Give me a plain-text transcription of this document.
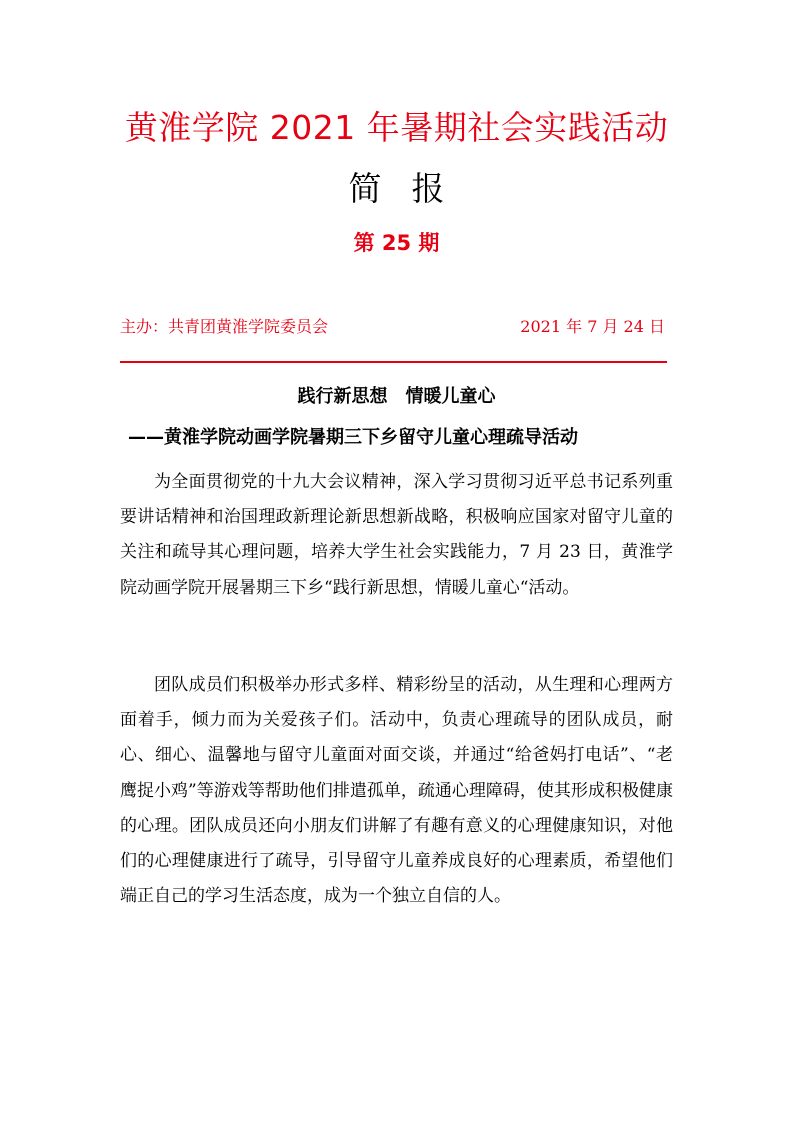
黄淮学院 2021 年暑期社会实践活动
简报
第 25 期
主办：共青团黄淮学院委员会	2021 年 7 月 24 日
践行新思想　情暖儿童心
——黄淮学院动画学院暑期三下乡留守儿童心理疏导活动

为全面贯彻党的十九大会议精神，深入学习贯彻习近平总书记系列重要讲话精神和治国理政新理论新思想新战略，积极响应国家对留守儿童的关注和疏导其心理问题，培养大学生社会实践能力，7 月 23 日，黄淮学院动画学院开展暑期三下乡“践行新思想，情暖儿童心“活动。

团队成员们积极举办形式多样、精彩纷呈的活动，从生理和心理两方面着手，倾力而为关爱孩子们。活动中，负责心理疏导的团队成员，耐心、细心、温馨地与留守儿童面对面交谈，并通过“给爸妈打电话”、“老鹰捉小鸡”等游戏等帮助他们排遣孤单，疏通心理障碍，使其形成积极健康的心理。团队成员还向小朋友们讲解了有趣有意义的心理健康知识，对他们的心理健康进行了疏导，引导留守儿童养成良好的心理素质，希望他们端正自己的学习生活态度，成为一个独立自信的人。
